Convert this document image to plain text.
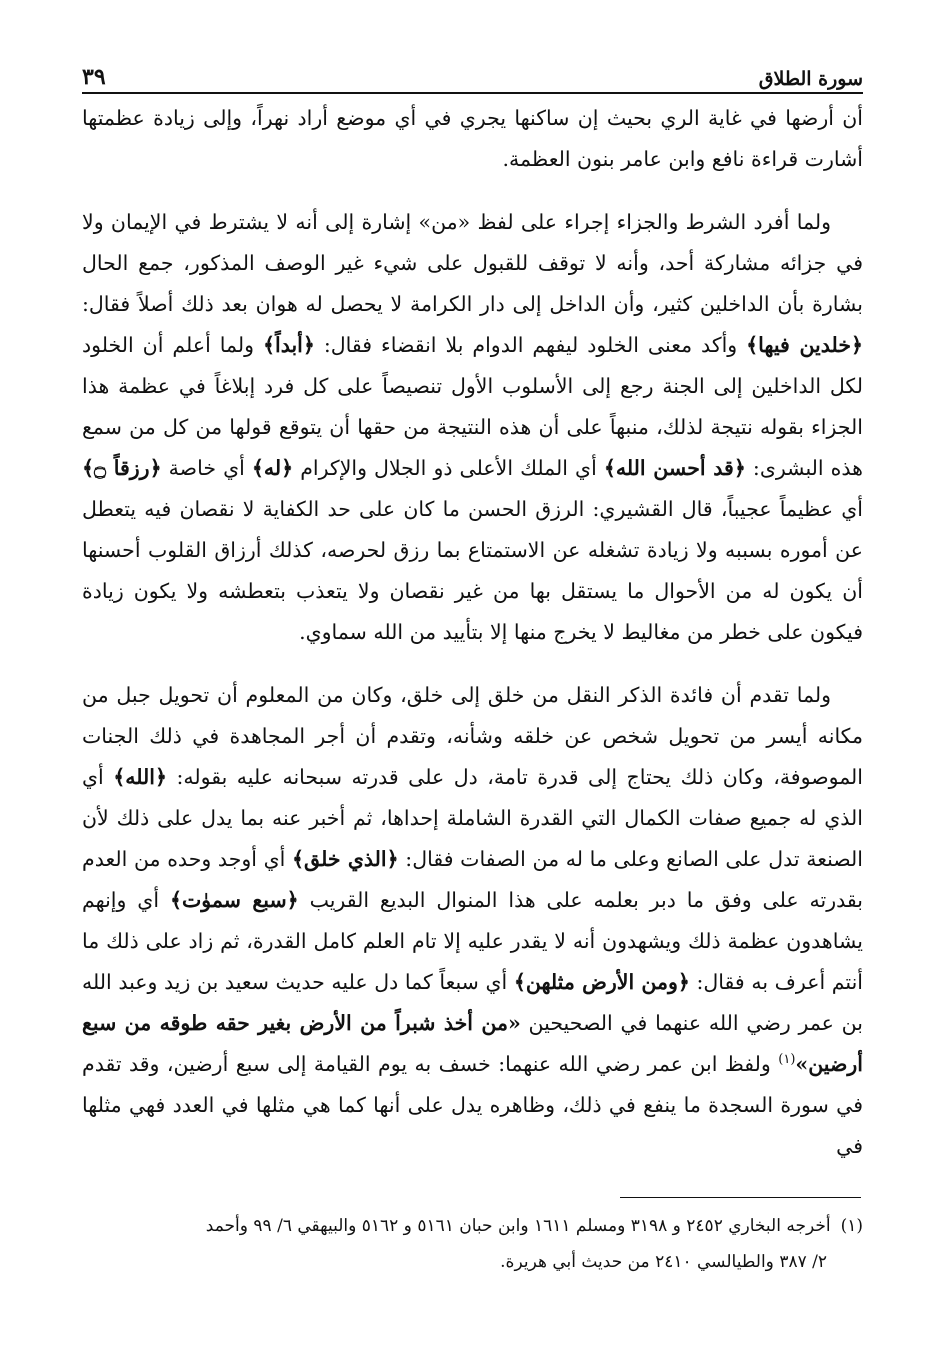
سورة الطلاق
٣٩

أن أرضها في غاية الري بحيث إن ساكنها يجري في أي موضع أراد نهراً، وإلى زيادة عظمتها أشارت قراءة نافع وابن عامر بنون العظمة.

ولما أفرد الشرط والجزاء إجراء على لفظ «من» إشارة إلى أنه لا يشترط في الإيمان ولا في جزائه مشاركة أحد، وأنه لا توقف للقبول على شيء غير الوصف المذكور، جمع الحال بشارة بأن الداخلين كثير، وأن الداخل إلى دار الكرامة لا يحصل له هوان بعد ذلك أصلاً فقال: ﴿خلدين فيها﴾ وأكد معنى الخلود ليفهم الدوام بلا انقضاء فقال: ﴿أبداً﴾ ولما أعلم أن الخلود لكل الداخلين إلى الجنة رجع إلى الأسلوب الأول تنصيصاً على كل فرد إبلاغاً في عظمة هذا الجزاء بقوله نتيجة لذلك، منبهاً على أن هذه النتيجة من حقها أن يتوقع قولها من كل من سمع هذه البشرى: ﴿قد أحسن الله﴾ أي الملك الأعلى ذو الجلال والإكرام ﴿له﴾ أي خاصة ﴿رزقاً ۝﴾ أي عظيماً عجيباً، قال القشيري: الرزق الحسن ما كان على حد الكفاية لا نقصان فيه يتعطل عن أموره بسببه ولا زيادة تشغله عن الاستمتاع بما رزق لحرصه، كذلك أرزاق القلوب أحسنها أن يكون له من الأحوال ما يستقل بها من غير نقصان ولا يتعذب بتعطشه ولا يكون زيادة فيكون على خطر من مغاليط لا يخرج منها إلا بتأييد من الله سماوي.

ولما تقدم أن فائدة الذكر النقل من خلق إلى خلق، وكان من المعلوم أن تحويل جبل من مكانه أيسر من تحويل شخص عن خلقه وشأنه، وتقدم أن أجر المجاهدة في ذلك الجنات الموصوفة، وكان ذلك يحتاج إلى قدرة تامة، دل على قدرته سبحانه عليه بقوله: ﴿الله﴾ أي الذي له جميع صفات الكمال التي القدرة الشاملة إحداها، ثم أخبر عنه بما يدل على ذلك لأن الصنعة تدل على الصانع وعلى ما له من الصفات فقال: ﴿الذي خلق﴾ أي أوجد وحده من العدم بقدرته على وفق ما دبر بعلمه على هذا المنوال البديع القريب ﴿سبع سموٰت﴾ أي وإنهم يشاهدون عظمة ذلك ويشهدون أنه لا يقدر عليه إلا تام العلم كامل القدرة، ثم زاد على ذلك ما أنتم أعرف به فقال: ﴿ومن الأرض مثلهن﴾ أي سبعاً كما دل عليه حديث سعيد بن زيد وعبد الله بن عمر رضي الله عنهما في الصحيحين «من أخذ شبراً من الأرض بغير حقه طوقه من سبع أرضين»$^{(١)}$ ولفظ ابن عمر رضي الله عنهما: خسف به يوم القيامة إلى سبع أرضين، وقد تقدم في سورة السجدة ما ينفع في ذلك، وظاهره يدل على أنها كما هي مثلها في العدد فهي مثلها في

(١)أخرجه البخاري ٢٤٥٢ و ٣١٩٨ ومسلم ١٦١١ وابن حبان ٥١٦١ و ٥١٦٢ والبيهقي ٦/ ٩٩ وأحمد
٢/ ٣٨٧ والطيالسي ٢٤١٠ من حديث أبي هريرة.
